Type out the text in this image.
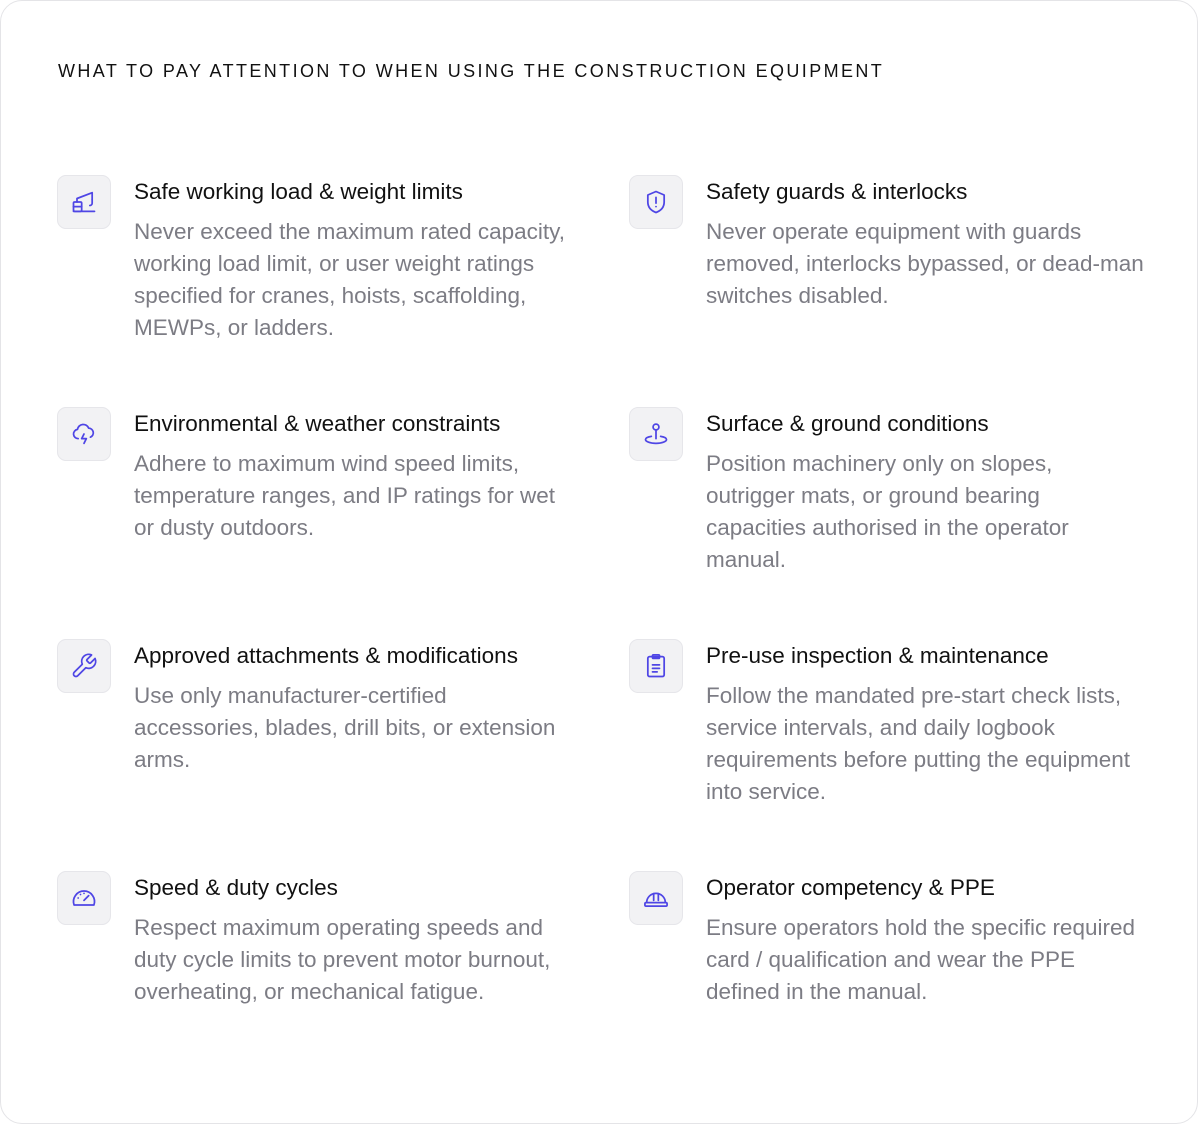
WHAT TO PAY ATTENTION TO WHEN USING THE CONSTRUCTION EQUIPMENT
Safe working load & weight limits
Never exceed the maximum rated capacity, working load limit, or user weight ratings specified for cranes, hoists, scaffolding, MEWPs, or ladders.
Safety guards & interlocks
Never operate equipment with guards removed, interlocks bypassed, or dead-man switches disabled.
Environmental & weather constraints
Adhere to maximum wind speed limits, temperature ranges, and IP ratings for wet or dusty outdoors.
Surface & ground conditions
Position machinery only on slopes, outrigger mats, or ground bearing capacities authorised in the operator manual.
Approved attachments & modifications
Use only manufacturer-certified accessories, blades, drill bits, or extension arms.
Pre-use inspection & maintenance
Follow the mandated pre-start check lists, service intervals, and daily logbook requirements before putting the equipment into service.
Speed & duty cycles
Respect maximum operating speeds and duty cycle limits to prevent motor burnout, overheating, or mechanical fatigue.
Operator competency & PPE
Ensure operators hold the specific required card / qualification and wear the PPE defined in the manual.
